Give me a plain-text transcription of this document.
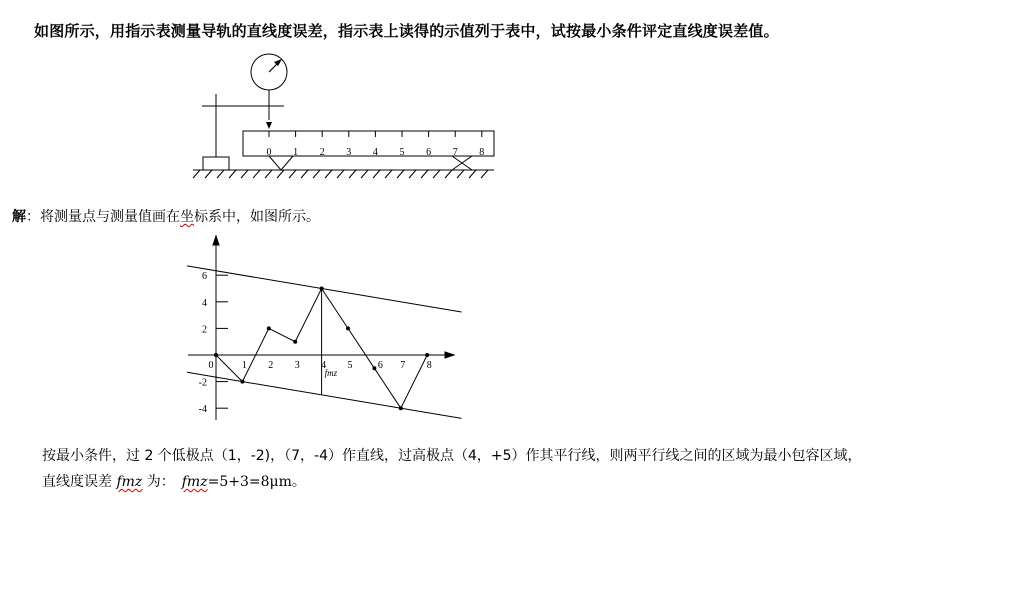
如图所示，用指示表测量导轨的直线度误差，指示表上读得的示值列于表中，试按最小条件评定直线度误差值。
0 1 2 3 4 5 6 7 8
解：将测量点与测量值画在坐标系中，如图所示。
0	1 2 3 4 5	6 7 8
6
4
2
-2
-4
fmz
按最小条件，过 2 个低极点（1，-2)，（7，-4）作直线，过高极点（4，+5）作其平行线，则两平行线之间的区域为最小包容区域，
直线度误差 fmz 为：　fmz=5+3=8μm。
